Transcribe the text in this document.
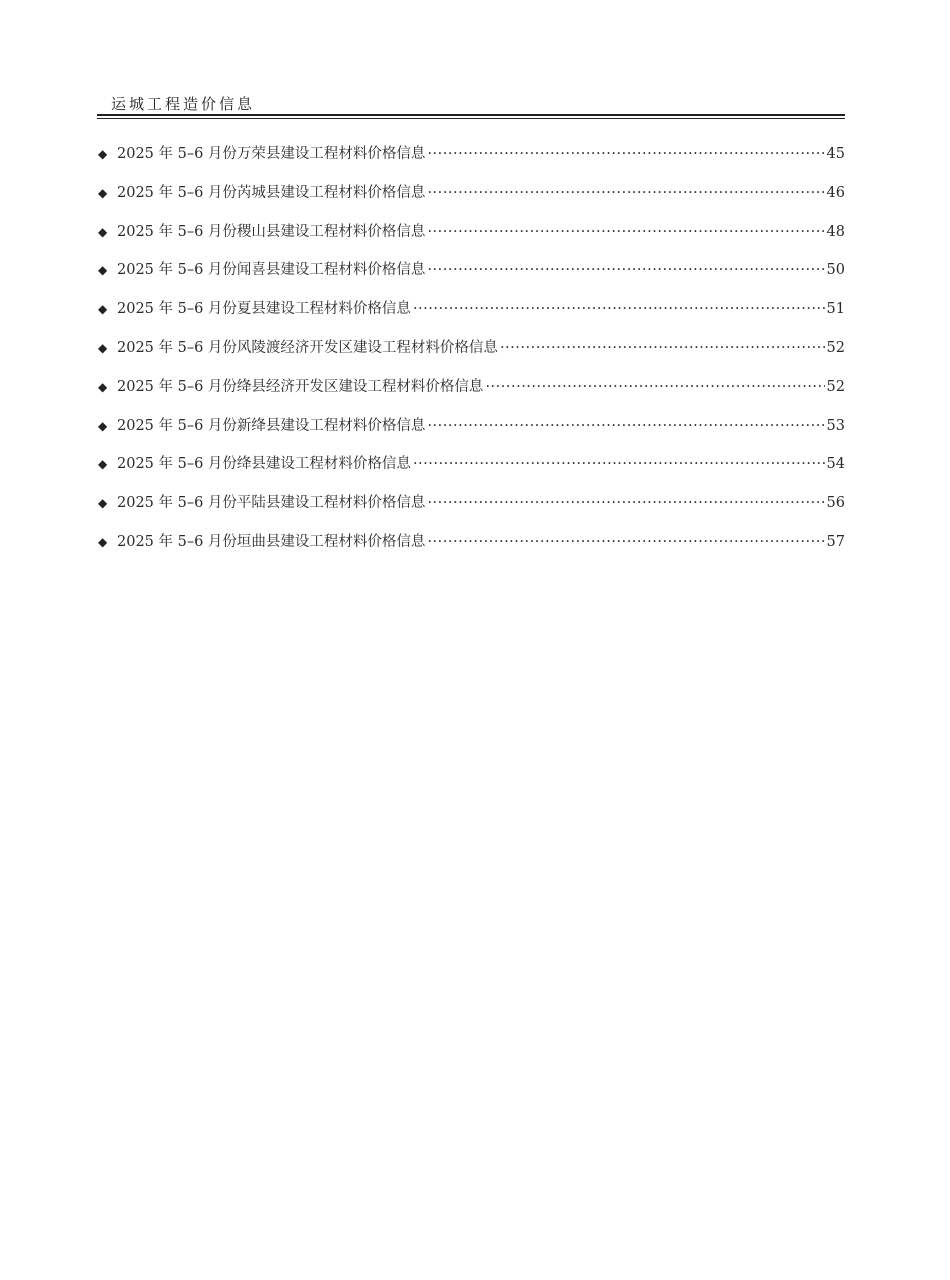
运城工程造价信息
◆ 2025 年 5–6 月份万荣县建设工程材料价格信息 ·····	45
◆ 2025 年 5–6 月份芮城县建设工程材料价格信息 ·····	46
◆ 2025 年 5–6 月份稷山县建设工程材料价格信息 ·····	48
◆ 2025 年 5–6 月份闻喜县建设工程材料价格信息 ·····	50
◆ 2025 年 5–6 月份夏县建设工程材料价格信息 ·····	51
◆ 2025 年 5–6 月份风陵渡经济开发区建设工程材料价格信息 ·····	52
◆ 2025 年 5–6 月份绛县经济开发区建设工程材料价格信息 ·····	52
◆ 2025 年 5–6 月份新绛县建设工程材料价格信息 ·····	53
◆ 2025 年 5–6 月份绛县建设工程材料价格信息 ·····	54
◆ 2025 年 5–6 月份平陆县建设工程材料价格信息 ·····	56
◆ 2025 年 5–6 月份垣曲县建设工程材料价格信息 ·····	57
